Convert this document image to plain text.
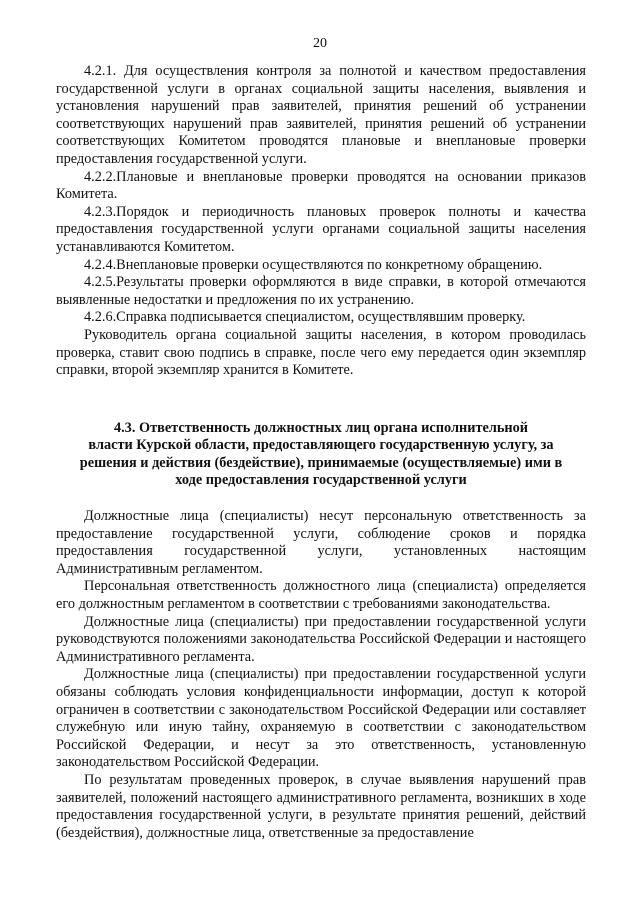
20

4.2.1. Для осуществления контроля за полнотой и качеством предоставления государственной услуги в органах социальной защиты населения, выявления и установления нарушений прав заявителей, принятия решений об устранении соответствующих нарушений прав заявителей, принятия решений об устранении соответствующих Комитетом проводятся плановые и внеплановые проверки предоставления государственной услуги.

4.2.2.Плановые и внеплановые проверки проводятся на основании приказов Комитета.

4.2.3.Порядок и периодичность плановых проверок полноты и качества предоставления государственной услуги органами социальной защиты населения устанавливаются Комитетом.

4.2.4.Внеплановые проверки осуществляются по конкретному обращению.

4.2.5.Результаты проверки оформляются в виде справки, в которой отмечаются выявленные недостатки и предложения по их устранению.

4.2.6.Справка подписывается специалистом, осуществлявшим проверку.

Руководитель органа социальной защиты населения, в котором проводилась проверка, ставит свою подпись в справке, после чего ему передается один экземпляр справки, второй экземпляр хранится в Комитете.

4.3. Ответственность должностных лиц органа исполнительной
власти Курской области, предоставляющего государственную услугу, за
решения и действия (бездействие), принимаемые (осуществляемые) ими в
ходе предоставления государственной услуги

Должностные лица (специалисты) несут персональную ответственность за предоставление государственной услуги, соблюдение сроков и порядка предоставления государственной услуги, установленных настоящим Административным регламентом.

Персональная ответственность должностного лица (специалиста) определяется его должностным регламентом в соответствии с требованиями законодательства.

Должностные лица (специалисты) при предоставлении государственной услуги руководствуются положениями законодательства Российской Федерации и настоящего Административного регламента.

Должностные лица (специалисты) при предоставлении государственной услуги обязаны соблюдать условия конфиденциальности информации, доступ к которой ограничен в соответствии с законодательством Российской Федерации или составляет служебную или иную тайну, охраняемую в соответствии с законодательством Российской Федерации, и несут за это ответственность, установленную законодательством Российской Федерации.

По результатам проведенных проверок, в случае выявления нарушений прав заявителей, положений настоящего административного регламента, возникших в ходе предоставления государственной услуги, в результате принятия решений, действий (бездействия), должностные лица, ответственные за предоставление
